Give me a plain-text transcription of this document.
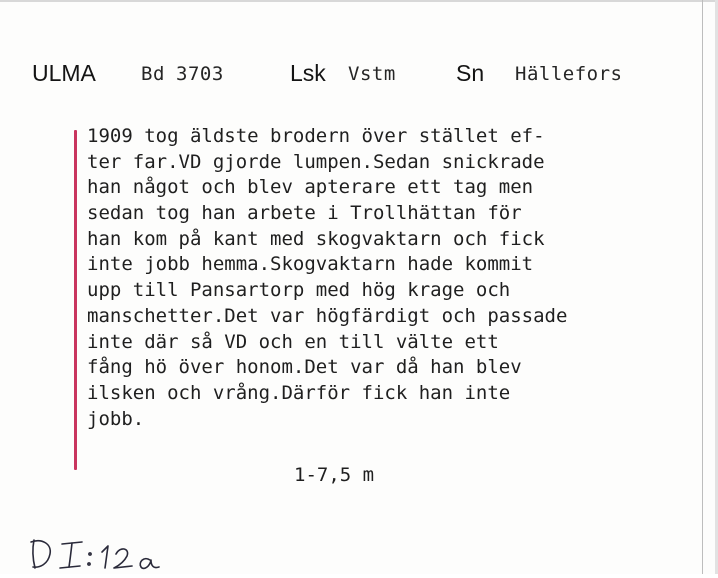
ULMA Bd 3703	Lsk Vstm	Sn Hällefors
1909 tog äldste brodern över stället ef-
ter far.VD gjorde lumpen.Sedan snickrade
han något och blev apterare ett tag men
sedan tog han arbete i Trollhättan för
han kom på kant med skogvaktarn och fick
inte jobb hemma.Skogvaktarn hade kommit
upp till Pansartorp med hög krage och
manschetter.Det var högfärdigt och passade
inte där så VD och en till välte ett
fång hö över honom.Det var då han blev
ilsken och vrång.Därför fick han inte
jobb.
1-7,5 m
